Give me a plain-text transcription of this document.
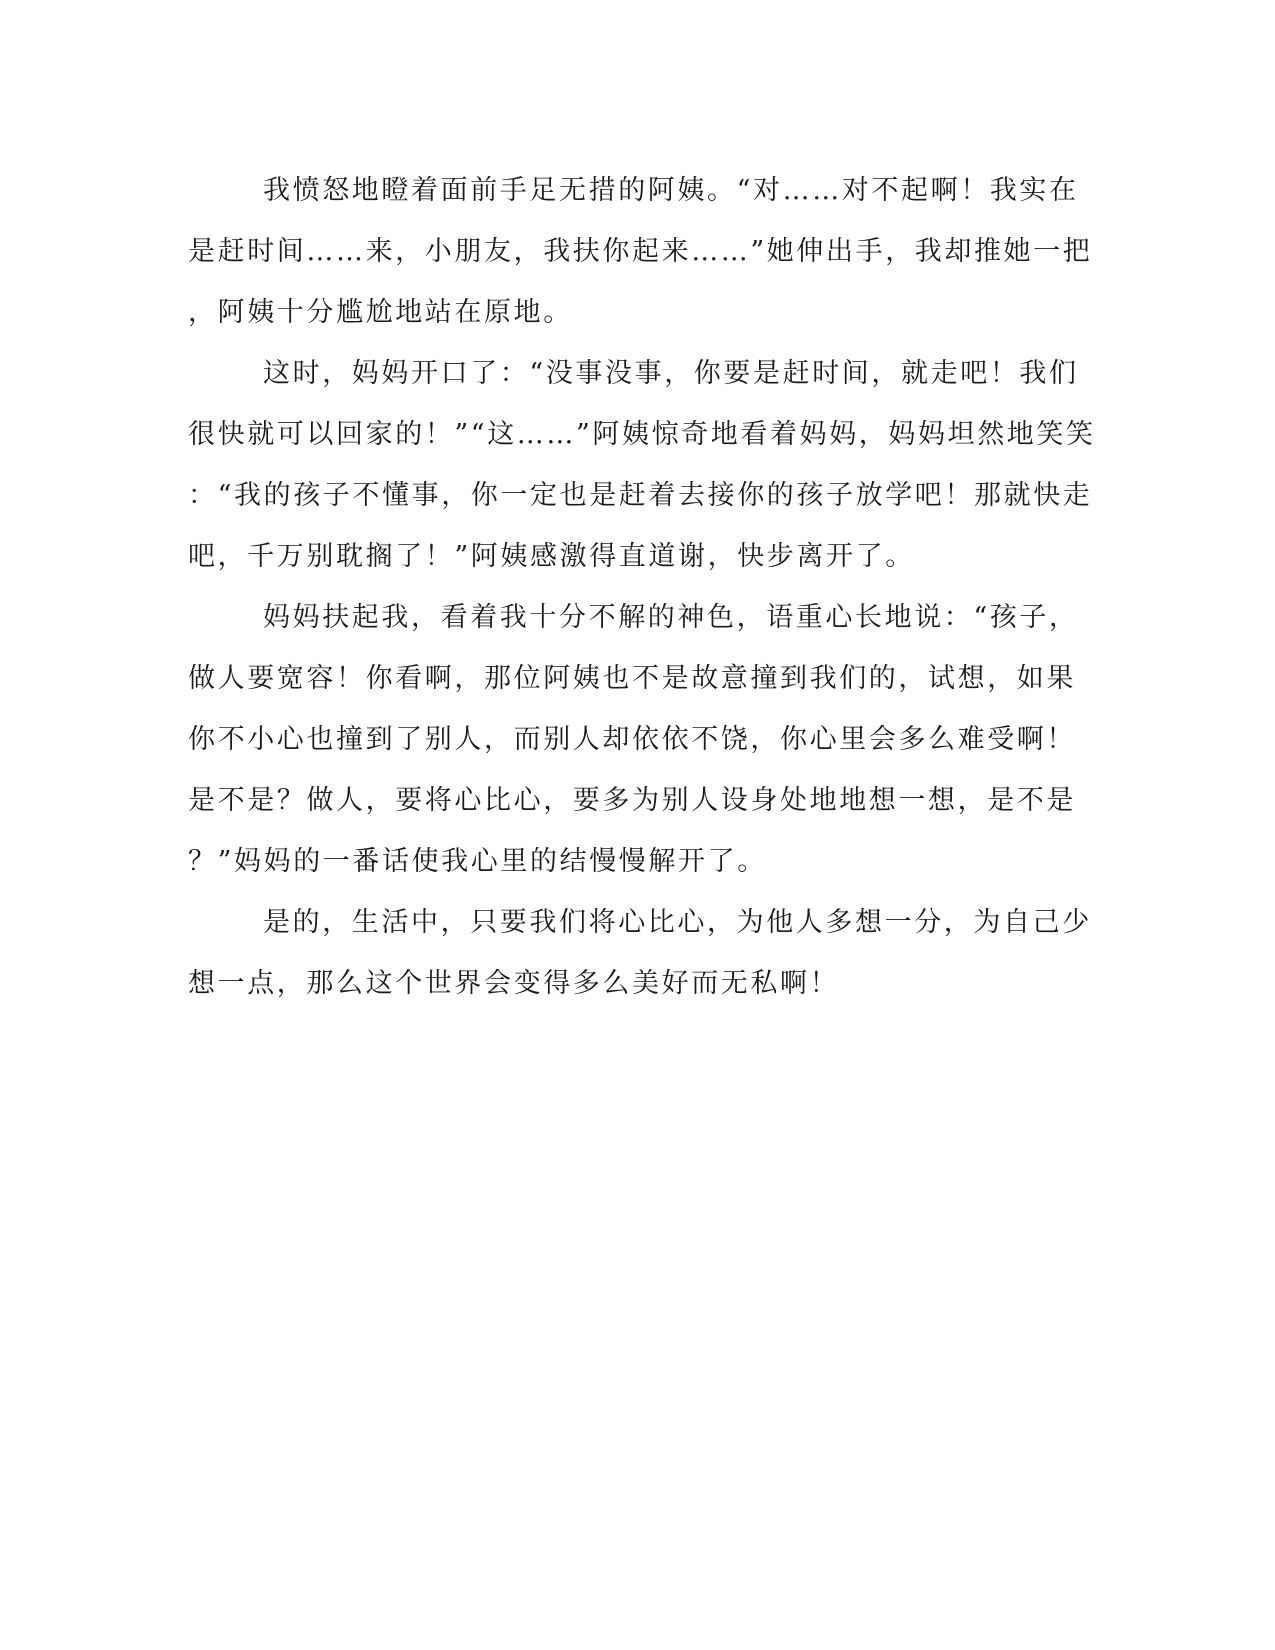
我愤怒地瞪着面前手足无措的阿姨。“对……对不起啊！我实在
是赶时间……来，小朋友，我扶你起来……”她伸出手，我却推她一把
，阿姨十分尴尬地站在原地。
这时，妈妈开口了：“没事没事，你要是赶时间，就走吧！我们
很快就可以回家的！”“这……”阿姨惊奇地看着妈妈，妈妈坦然地笑笑
：“我的孩子不懂事，你一定也是赶着去接你的孩子放学吧！那就快走
吧，千万别耽搁了！”阿姨感激得直道谢，快步离开了。
妈妈扶起我，看着我十分不解的神色，语重心长地说：“孩子，
做人要宽容！你看啊，那位阿姨也不是故意撞到我们的，试想，如果
你不小心也撞到了别人，而别人却依依不饶，你心里会多么难受啊！
是不是？做人，要将心比心，要多为别人设身处地地想一想，是不是
？”妈妈的一番话使我心里的结慢慢解开了。
是的，生活中，只要我们将心比心，为他人多想一分，为自己少
想一点，那么这个世界会变得多么美好而无私啊！
